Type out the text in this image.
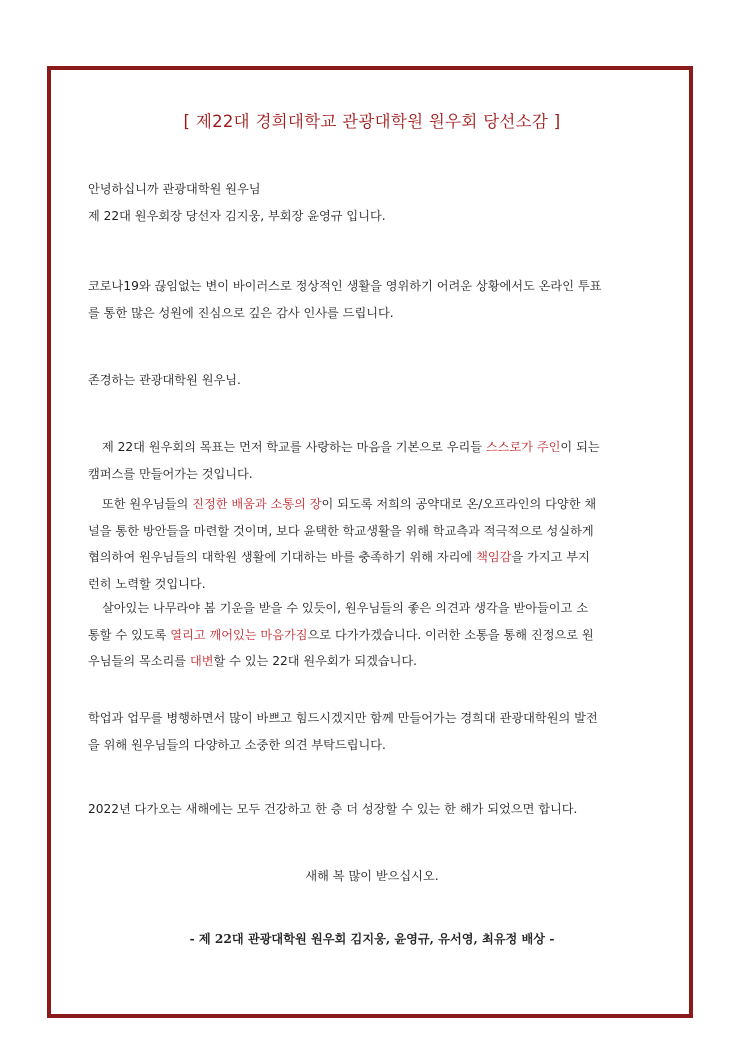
[ 제22대 경희대학교 관광대학원 원우회 당선소감 ]
안녕하십니까 관광대학원 원우님
제 22대 원우회장 당선자 김지웅, 부회장 윤영규 입니다.
코로나19와 끊임없는 변이 바이러스로 정상적인 생활을 영위하기 어려운 상황에서도 온라인 투표
를 통한 많은 성원에 진심으로 깊은 감사 인사를 드립니다.
존경하는 관광대학원 원우님.
제 22대 원우회의 목표는 먼저 학교를 사랑하는 마음을 기본으로 우리들 스스로가 주인이 되는
캠퍼스를 만들어가는 것입니다.
또한 원우님들의 진정한 배움과 소통의 장이 되도록 저희의 공약대로 온/오프라인의 다양한 채
널을 통한 방안들을 마련할 것이며, 보다 윤택한 학교생활을 위해 학교측과 적극적으로 성실하게
협의하여 원우님들의 대학원 생활에 기대하는 바를 충족하기 위해 자리에 책임감을 가지고 부지
런히 노력할 것입니다.
살아있는 나무라야 봄 기운을 받을 수 있듯이, 원우님들의 좋은 의견과 생각을 받아들이고 소
통할 수 있도록 열리고 깨어있는 마음가짐으로 다가가겠습니다. 이러한 소통을 통해 진정으로 원
우님들의 목소리를 대변할 수 있는 22대 원우회가 되겠습니다.
학업과 업무를 병행하면서 많이 바쁘고 힘드시겠지만 함께 만들어가는 경희대 관광대학원의 발전
을 위해 원우님들의 다양하고 소중한 의견 부탁드립니다.
2022년 다가오는 새해에는 모두 건강하고 한 층 더 성장할 수 있는 한 해가 되었으면 합니다.
새해 복 많이 받으십시오.
- 제 22대 관광대학원 원우회 김지웅, 윤영규, 유서영, 최유정 배상 -
